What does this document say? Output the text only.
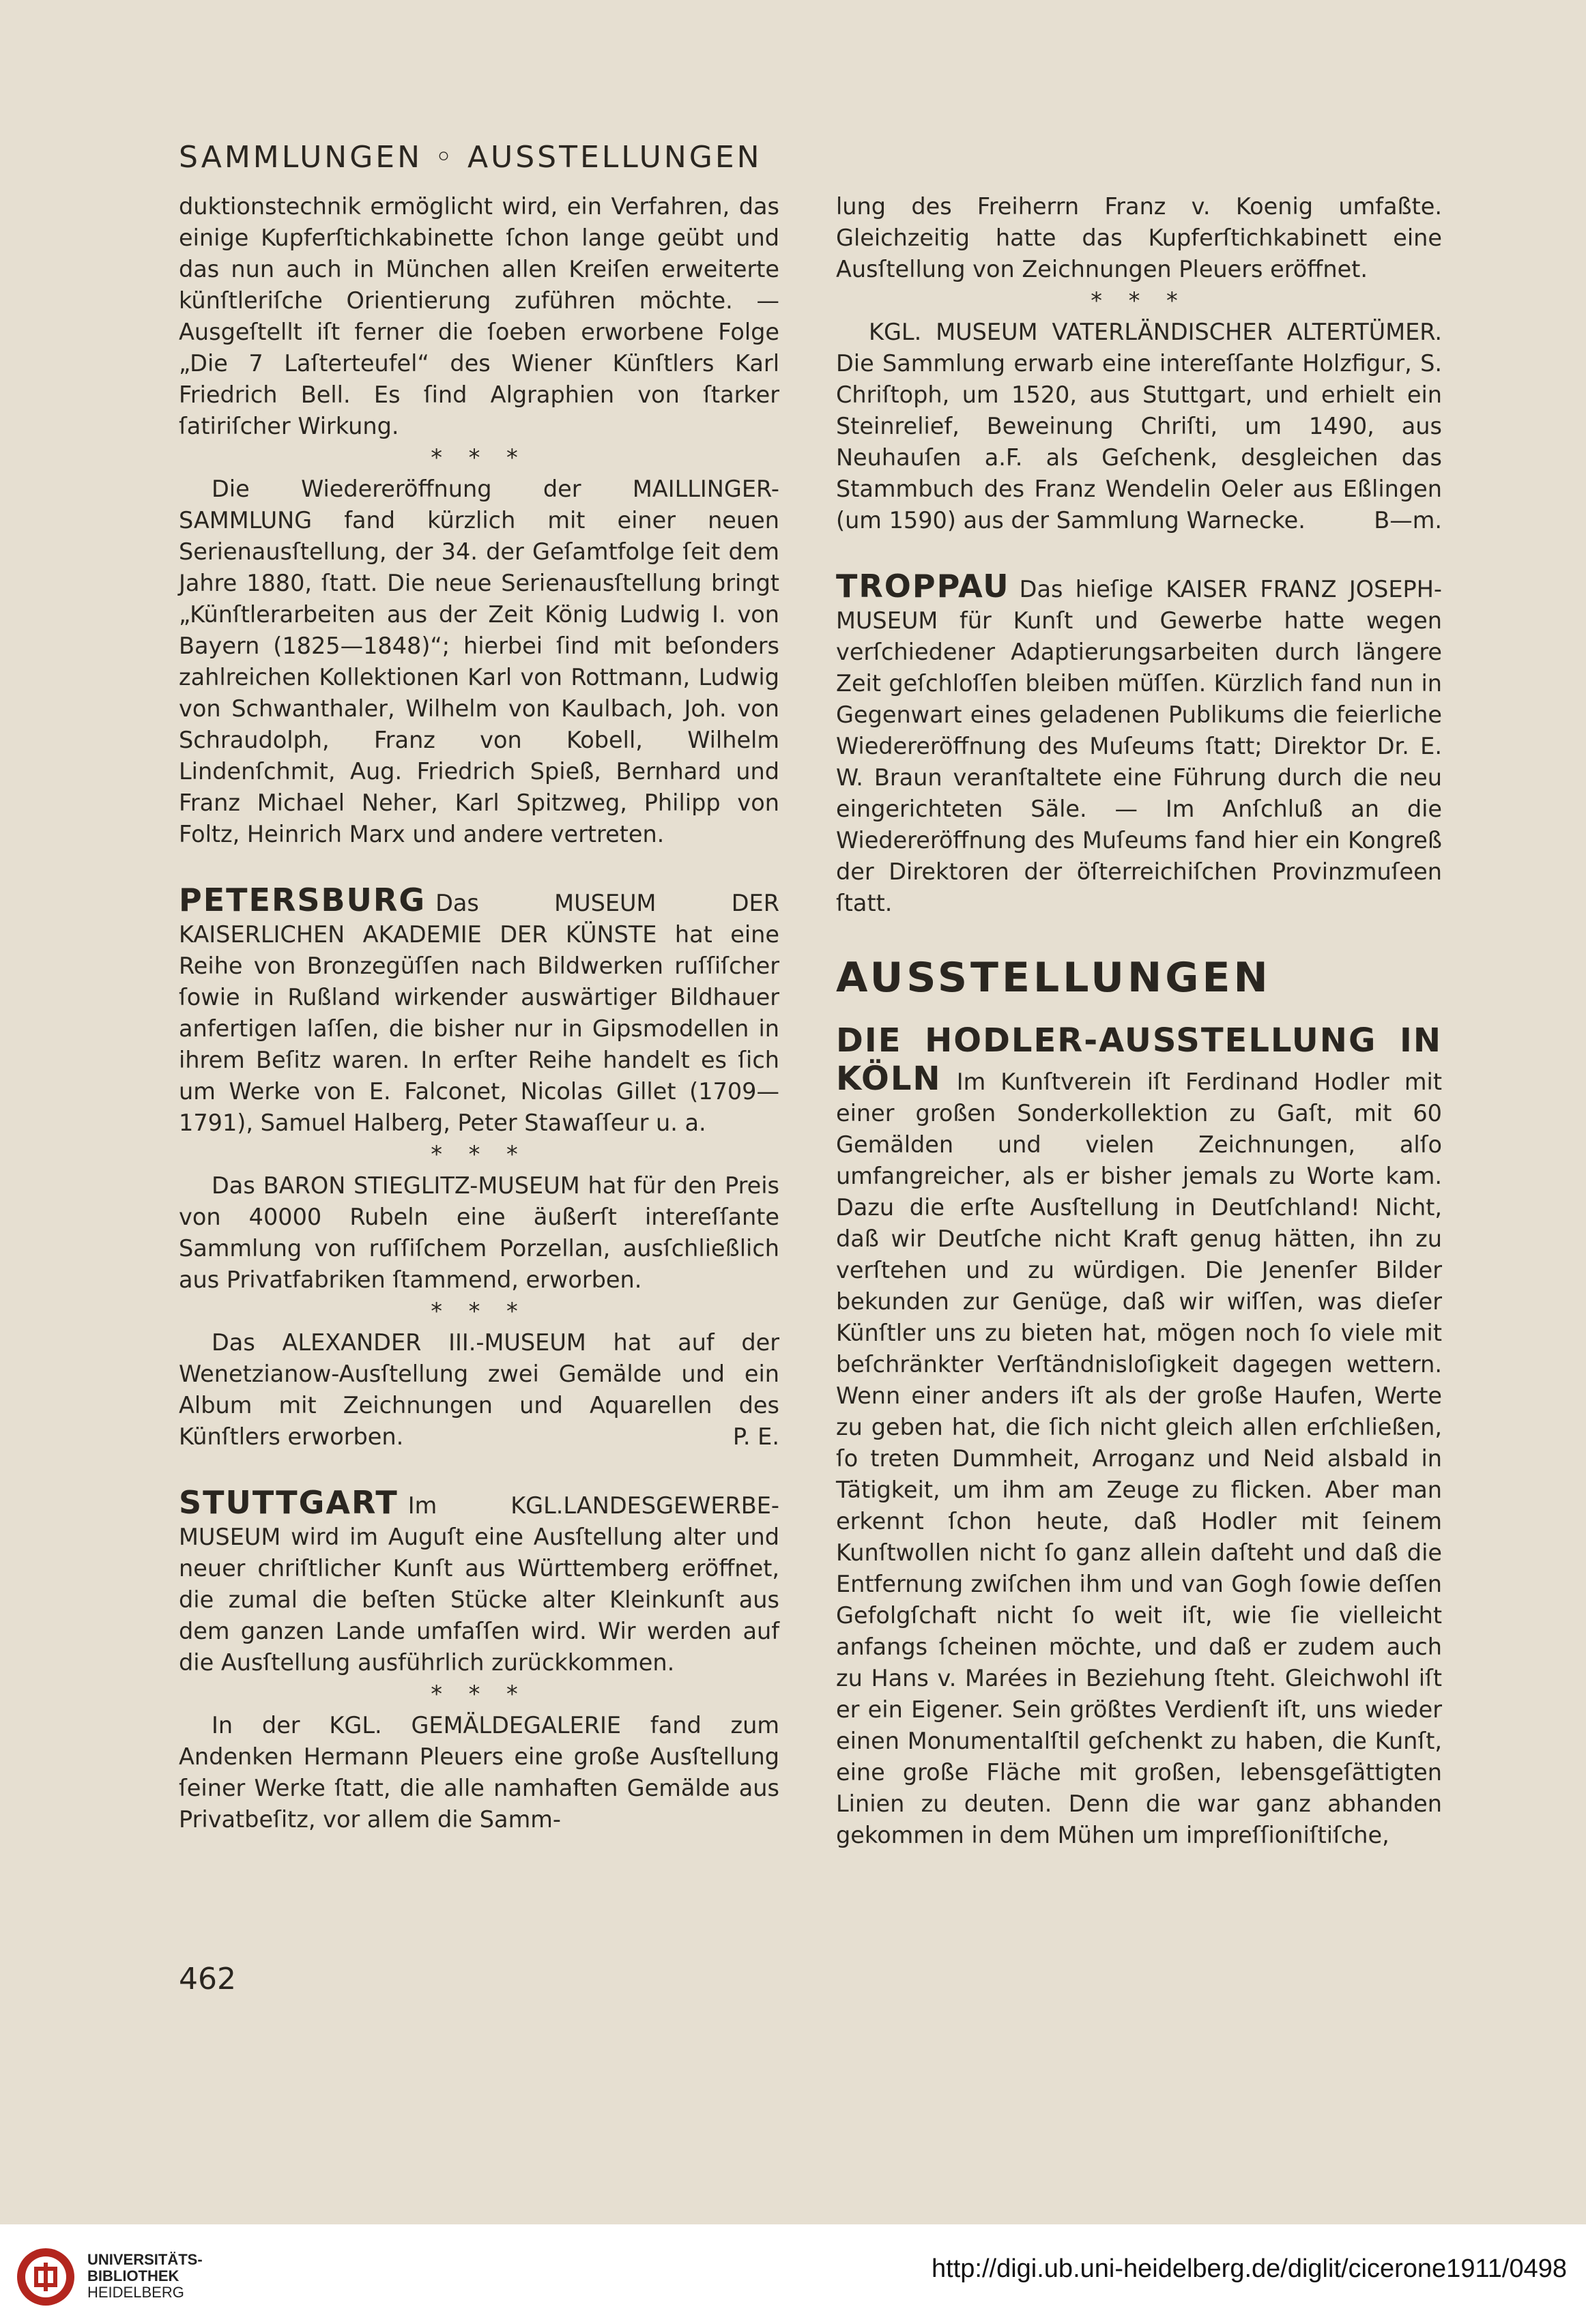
SAMMLUNGEN ◦ AUSSTELLUNGEN

duktionstechnik ermöglicht wird, ein Verfahren, das einige Kupferſtichkabinette ſchon lange geübt und das nun auch in München allen Kreiſen erweiterte künſtleriſche Orientierung zuführen möchte. — Ausgeſtellt iſt ferner die ſoeben erworbene Folge „Die 7 Laſterteufel“ des Wiener Künſtlers Karl Friedrich Bell. Es ſind Algraphien von ſtarker ſatiriſcher Wirkung.

* * *

Die Wiedereröffnung der MAILLINGER-SAMMLUNG fand kürzlich mit einer neuen Serienausſtellung, der 34. der Geſamtfolge ſeit dem Jahre 1880, ſtatt. Die neue Serienausſtellung bringt „Künſtlerarbeiten aus der Zeit König Ludwig I. von Bayern (1825—1848)“; hierbei ſind mit beſonders zahlreichen Kollektionen Karl von Rottmann, Ludwig von Schwanthaler, Wilhelm von Kaulbach, Joh. von Schraudolph, Franz von Kobell, Wilhelm Lindenſchmit, Aug. Friedrich Spieß, Bernhard und Franz Michael Neher, Karl Spitzweg, Philipp von Foltz, Heinrich Marx und andere vertreten.

PETERSBURG Das MUSEUM DER KAISERLICHEN AKADEMIE DER KÜNSTE hat eine Reihe von Bronzegüſſen nach Bildwerken ruſſiſcher ſowie in Rußland wirkender auswärtiger Bildhauer anfertigen laſſen, die bisher nur in Gipsmodellen in ihrem Beſitz waren. In erſter Reihe handelt es ſich um Werke von E. Falconet, Nicolas Gillet (1709—1791), Samuel Halberg, Peter Stawaſſeur u. a.

* * *

Das BARON STIEGLITZ-MUSEUM hat für den Preis von 40000 Rubeln eine äußerſt intereſſante Sammlung von ruſſiſchem Porzellan, ausſchließlich aus Privatfabriken ſtammend, erworben.

* * *

Das ALEXANDER III.-MUSEUM hat auf der Wenetzianow-Ausſtellung zwei Gemälde und ein Album mit Zeichnungen und Aquarellen des Künſtlers erworben.	P. E.

STUTTGART Im KGL.LANDESGEWERBE-MUSEUM wird im Auguſt eine Ausſtellung alter und neuer chriſtlicher Kunſt aus Württemberg eröffnet, die zumal die beſten Stücke alter Kleinkunſt aus dem ganzen Lande umfaſſen wird. Wir werden auf die Ausſtellung ausführlich zurückkommen.

* * *

In der KGL. GEMÄLDEGALERIE fand zum Andenken Hermann Pleuers eine große Ausſtellung ſeiner Werke ſtatt, die alle namhaften Gemälde aus Privatbeſitz, vor allem die Samm-

lung des Freiherrn Franz v. Koenig umfaßte. Gleichzeitig hatte das Kupferſtichkabinett eine Ausſtellung von Zeichnungen Pleuers eröffnet.

* * *

KGL. MUSEUM VATERLÄNDISCHER ALTERTÜMER. Die Sammlung erwarb eine intereſſante Holzfigur, S. Chriſtoph, um 1520, aus Stuttgart, und erhielt ein Steinrelief, Beweinung Chriſti, um 1490, aus Neuhauſen a.F. als Geſchenk, desgleichen das Stammbuch des Franz Wendelin Oeler aus Eßlingen (um 1590) aus der Sammlung Warnecke.	B—m.

TROPPAU Das hieſige KAISER FRANZ JOSEPH-MUSEUM für Kunſt und Gewerbe hatte wegen verſchiedener Adaptierungsarbeiten durch längere Zeit geſchloſſen bleiben müſſen. Kürzlich fand nun in Gegenwart eines geladenen Publikums die feierliche Wiedereröffnung des Muſeums ſtatt; Direktor Dr. E. W. Braun veranſtaltete eine Führung durch die neu eingerichteten Säle. — Im Anſchluß an die Wiedereröffnung des Muſeums fand hier ein Kongreß der Direktoren der öſterreichiſchen Provinzmuſeen ſtatt.

AUSSTELLUNGEN

DIE HODLER-AUSSTELLUNG IN KÖLN Im Kunſtverein iſt Ferdinand Hodler mit einer großen Sonderkollektion zu Gaſt, mit 60 Gemälden und vielen Zeichnungen, alſo umfangreicher, als er bisher jemals zu Worte kam. Dazu die erſte Ausſtellung in Deutſchland! Nicht, daß wir Deutſche nicht Kraft genug hätten, ihn zu verſtehen und zu würdigen. Die Jenenſer Bilder bekunden zur Genüge, daß wir wiſſen, was dieſer Künſtler uns zu bieten hat, mögen noch ſo viele mit beſchränkter Verſtändnisloſigkeit dagegen wettern. Wenn einer anders iſt als der große Haufen, Werte zu geben hat, die ſich nicht gleich allen erſchließen, ſo treten Dummheit, Arroganz und Neid alsbald in Tätigkeit, um ihm am Zeuge zu flicken. Aber man erkennt ſchon heute, daß Hodler mit ſeinem Kunſtwollen nicht ſo ganz allein daſteht und daß die Entfernung zwiſchen ihm und van Gogh ſowie deſſen Gefolgſchaft nicht ſo weit iſt, wie ſie vielleicht anfangs ſcheinen möchte, und daß er zudem auch zu Hans v. Marées in Beziehung ſteht. Gleichwohl iſt er ein Eigener. Sein größtes Verdienſt iſt, uns wieder einen Monumentalſtil geſchenkt zu haben, die Kunſt, eine große Fläche mit großen, lebensgeſättigten Linien zu deuten. Denn die war ganz abhanden gekommen in dem Mühen um impreſſioniſtiſche,

462
UNIVERSITÄTS-
BIBLIOTHEK
HEIDELBERG
http://digi.ub.uni-heidelberg.de/diglit/cicerone1911/0498
